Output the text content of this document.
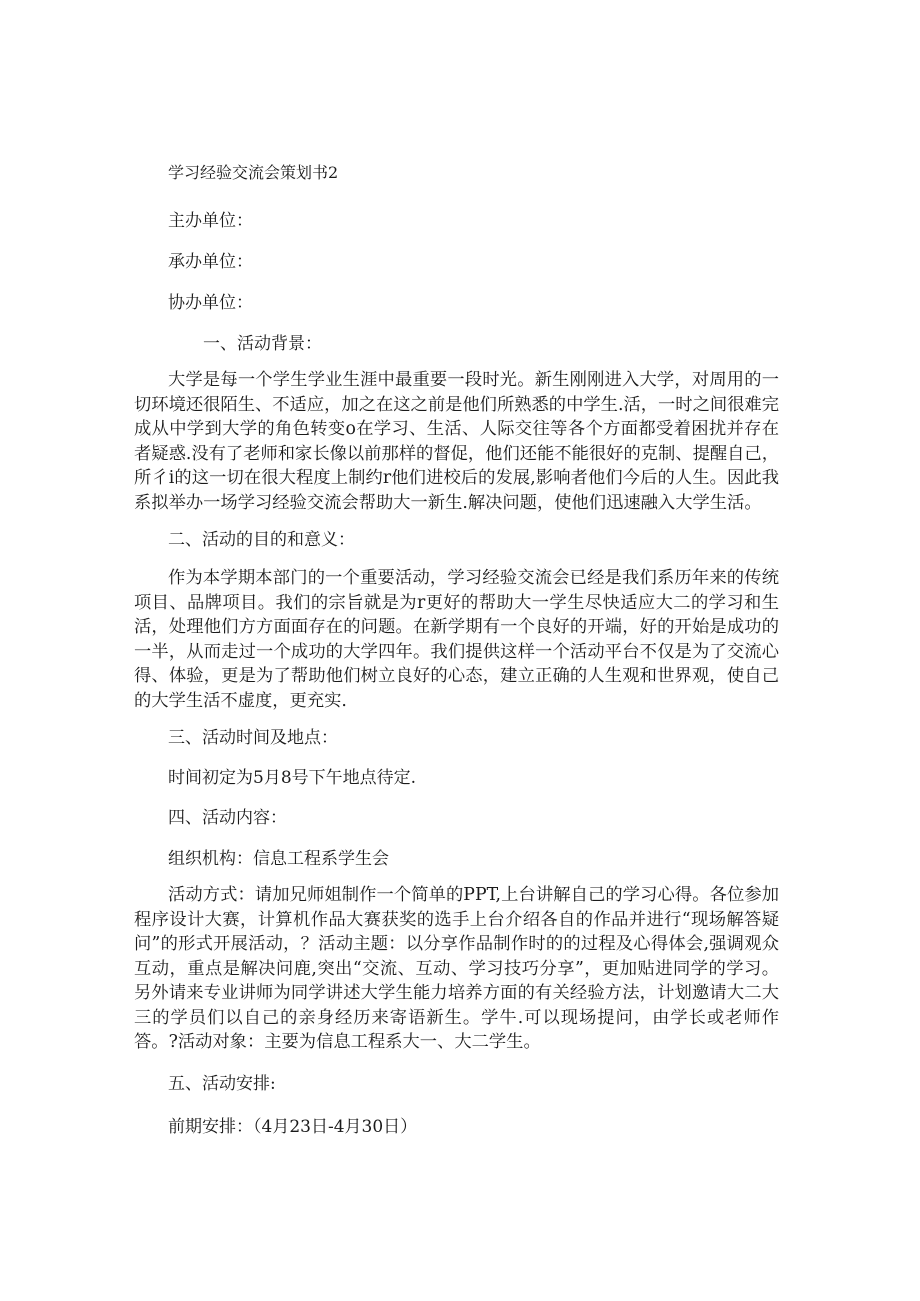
学习经验交流会策划书2
主办单位：
承办单位：
协办单位：
一、活动背景：

大学是每一个学生学业生涯中最重要一段时光。新生刚刚进入大学，对周用的一切环境还很陌生、不适应，加之在这之前是他们所熟悉的中学生.活，一时之间很难完成从中学到大学的角色转变o在学习、生活、人际交往等各个方面都受着困扰并存在者疑惑.没有了老师和家长像以前那样的督促，他们还能不能很好的克制、提醒自己，所彳i的这一切在很大程度上制约r他们进校后的发展,影响者他们今后的人生。因此我系拟举办一场学习经验交流会帮助大一新生.解决问题，使他们迅速融入大学生活。

二、活动的目的和意义：

作为本学期本部门的一个重要活动，学习经验交流会已经是我们系历年来的传统项目、品牌项目。我们的宗旨就是为r更好的帮助大一学生尽快适应大二的学习和生活，处理他们方方面面存在的问题。在新学期有一个良好的开端，好的开始是成功的一半，从而走过一个成功的大学四年。我们提供这样一个活动平台不仅是为了交流心得、体验，更是为了帮助他们树立良好的心态，建立正确的人生观和世界观，使自己的大学生活不虚度，更充实.

三、活动时间及地点：
时间初定为5月8号下午地点待定.
四、活动内容：
组织机构：信息工程系学生会

活动方式：请加兄师姐制作一个简单的PPT,上台讲解自己的学习心得。各位参加程序设计大赛，计算机作品大赛获奖的选手上台介绍各自的作品并进行“现场解答疑问”的形式开展活动，？活动主题：以分享作品制作时的的过程及心得体会,强调观众互动，重点是解决问鹿,突出“交流、互动、学习技巧分享”，更加贴进同学的学习。另外请来专业讲师为同学讲述大学生能力培养方面的有关经验方法，计划邀请大二大三的学员们以自己的亲身经历来寄语新生。学牛.可以现场提问，由学长或老师作答。?活动对象：主要为信息工程系大一、大二学生。

五、活动安排:
前期安排：（4月23日-4月30日）
